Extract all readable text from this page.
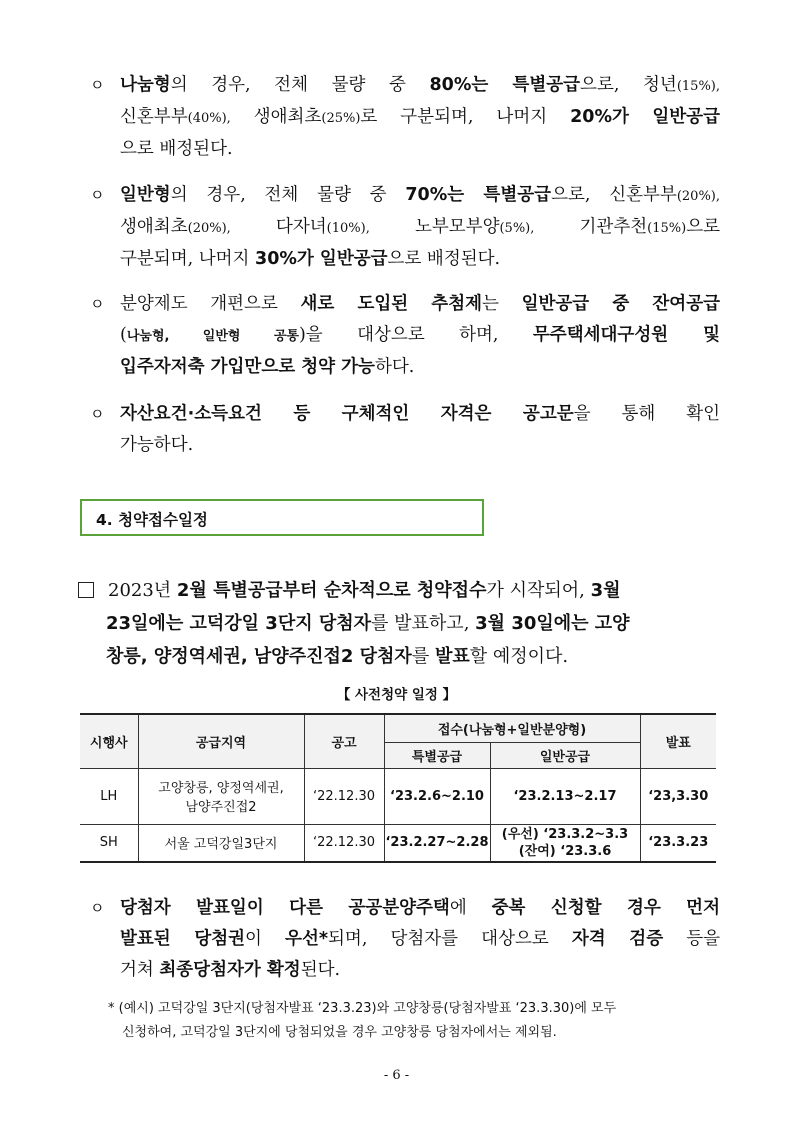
ㅇ 나눔형의 경우, 전체 물량 중 80%는 특별공급으로, 청년(15%),
신혼부부(40%), 생애최초(25%)로 구분되며, 나머지 20%가 일반공급
으로 배정된다.
ㅇ 일반형의 경우, 전체 물량 중 70%는 특별공급으로, 신혼부부(20%),
생애최초(20%), 다자녀(10%), 노부모부양(5%), 기관추천(15%)으로
구분되며, 나머지 30%가 일반공급으로 배정된다.
ㅇ 분양제도 개편으로 새로 도입된 추첨제는 일반공급 중 잔여공급
(나눔형, 일반형 공통)을 대상으로 하며, 무주택세대구성원 및
입주자저축 가입만으로 청약 가능하다.
ㅇ 자산요건·소득요건 등 구체적인 자격은 공고문을 통해 확인
가능하다.
4. 청약접수일정
2023년 2월 특별공급부터 순차적으로 청약접수가 시작되어, 3월
23일에는 고덕강일 3단지 당첨자를 발표하고, 3월 30일에는 고양
창릉, 양정역세권, 남양주진접2 당첨자를 발표할 예정이다.
【 사전청약 일정 】
시행사	공급지역	공고	접수(나눔형+일반분양형)		발표
			특별공급	일반공급	
LH	고양창릉, 양정역세권,
남양주진접2	‘22.12.30	‘23.2.6~2.10	‘23.2.13~2.17	‘23,3.30
SH	서울 고덕강일3단지	‘22.12.30	‘23.2.27~2.28	(우선) ‘23.3.2~3.3
(잔여) ‘23.3.6	‘23.3.23
ㅇ 당첨자 발표일이 다른 공공분양주택에 중복 신청할 경우 먼저
발표된 당첨권이 우선*되며, 당첨자를 대상으로 자격 검증 등을
거쳐 최종당첨자가 확정된다.
* (예시) 고덕강일 3단지(당첨자발표 ‘23.3.23)와 고양창릉(당첨자발표 ‘23.3.30)에 모두
신청하여, 고덕강일 3단지에 당첨되었을 경우 고양창릉 당첨자에서는 제외됨.
- 6 -
